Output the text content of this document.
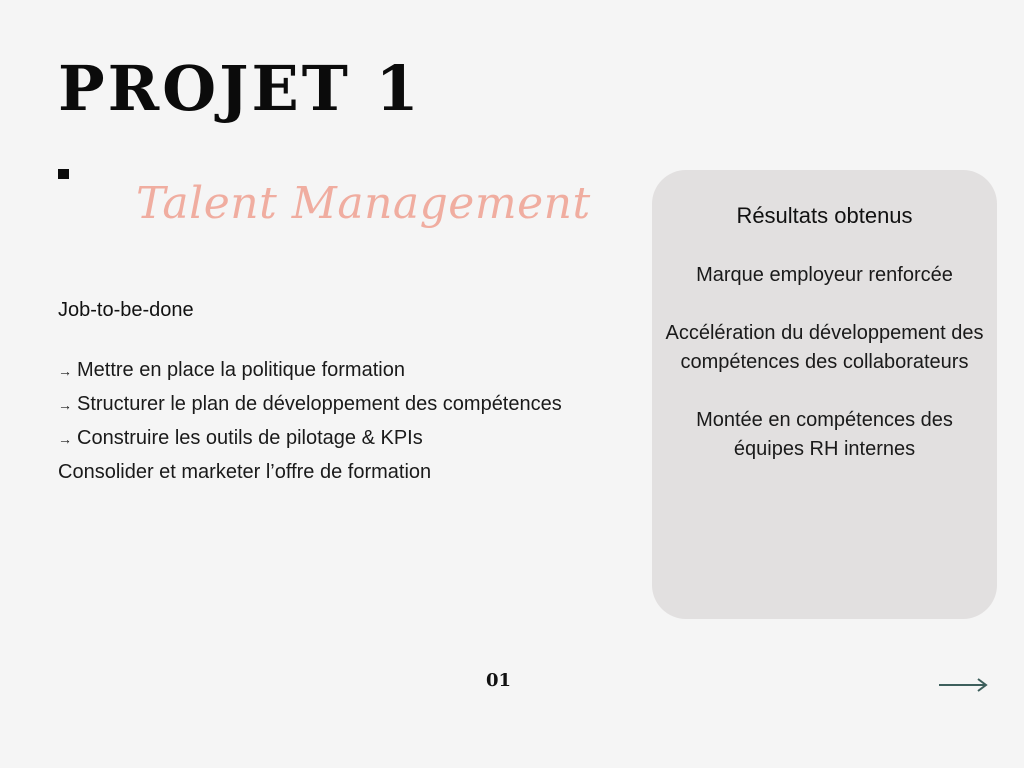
PROJET 1
Talent Management
Job-to-be-done
→ Mettre en place la politique formation
→ Structurer le plan de développement des compétences
→ Construire les outils de pilotage & KPIs
Consolider et marketer l’offre de formation
Résultats obtenus
Marque employeur renforcée
Accélération du développement des compétences des collaborateurs
Montée en compétences des équipes RH internes
01
